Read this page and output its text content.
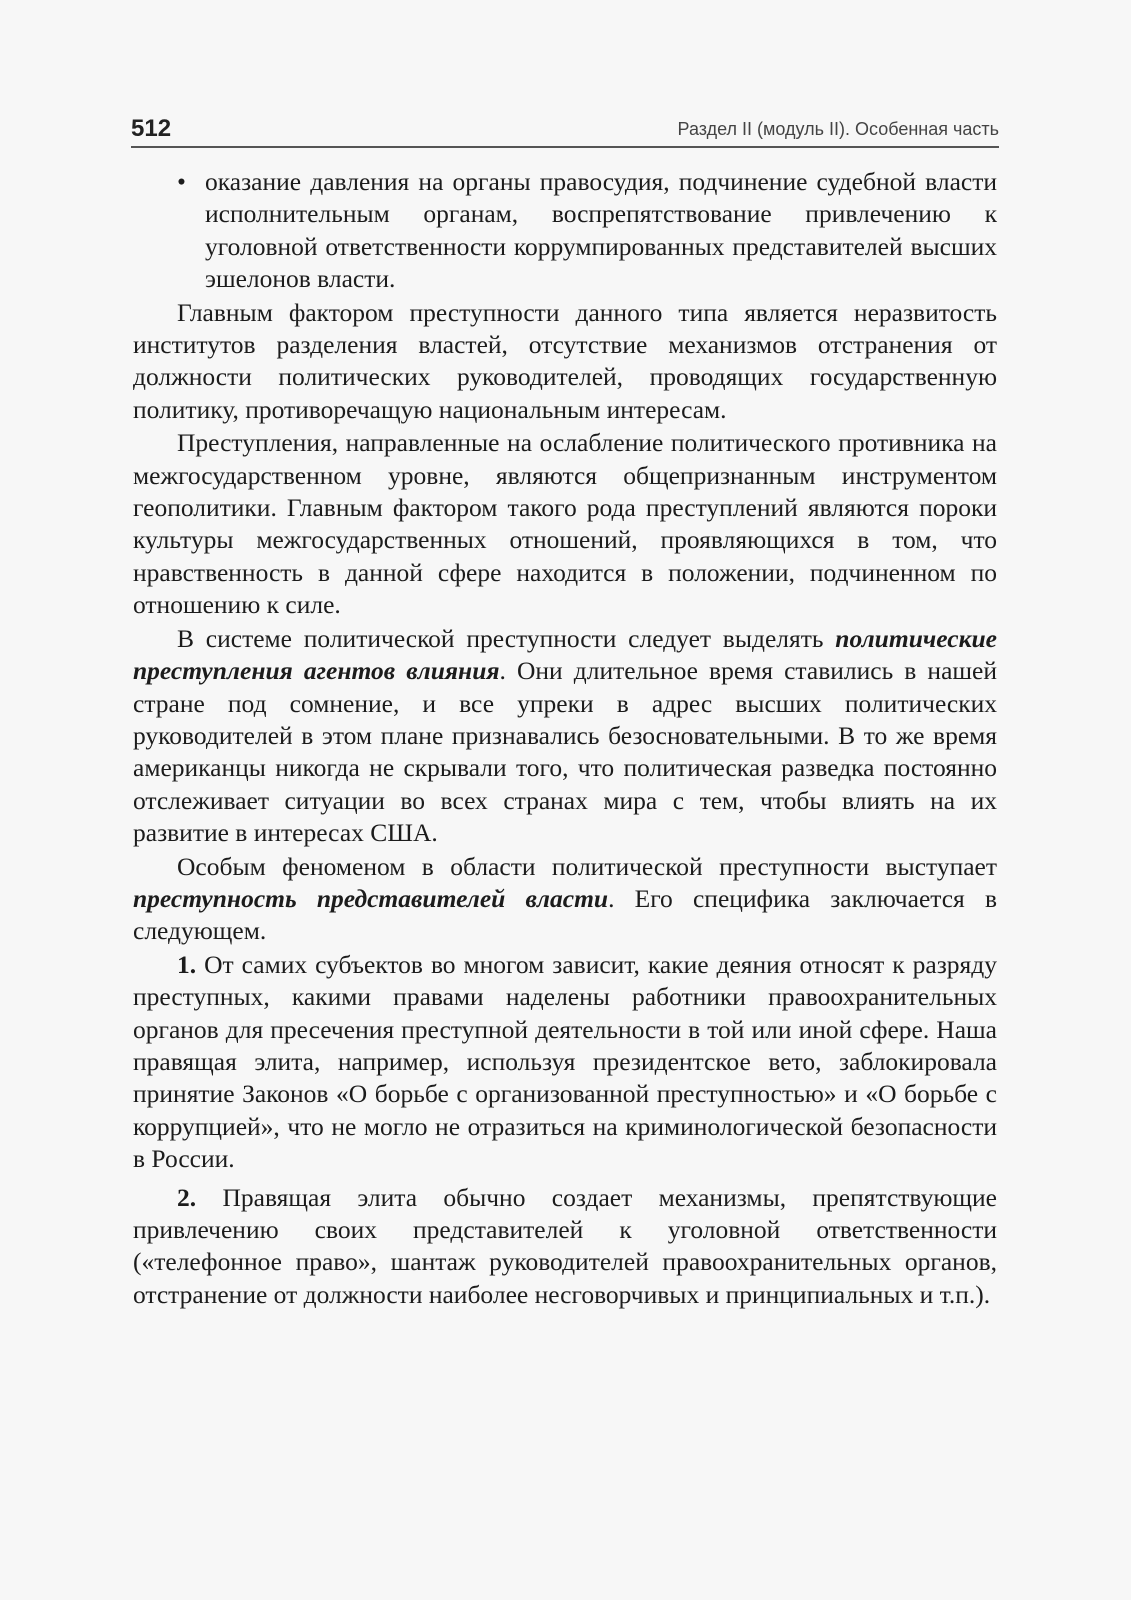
512	Раздел II (модуль II). Особенная часть

• оказание давления на органы правосудия, подчинение судебной власти исполнительным органам, воспрепятствование привлечению к уголовной ответственности коррумпированных представителей высших эшелонов власти.

Главным фактором преступности данного типа является неразвитость институтов разделения властей, отсутствие механизмов отстранения от должности политических руководителей, проводящих государственную политику, противоречащую национальным интересам.

Преступления, направленные на ослабление политического противника на межгосударственном уровне, являются общепризнанным инструментом геополитики. Главным фактором такого рода преступлений являются пороки культуры межгосударственных отношений, проявляющихся в том, что нравственность в данной сфере находится в положении, подчиненном по отношению к силе.

В системе политической преступности следует выделять политические преступления агентов влияния. Они длительное время ставились в нашей стране под сомнение, и все упреки в адрес высших политических руководителей в этом плане признавались безосновательными. В то же время американцы никогда не скрывали того, что политическая разведка постоянно отслеживает ситуации во всех странах мира с тем, чтобы влиять на их развитие в интересах США.

Особым феноменом в области политической преступности выступает преступность представителей власти. Его специфика заключается в следующем.

1. От самих субъектов во многом зависит, какие деяния относят к разряду преступных, какими правами наделены работники правоохранительных органов для пресечения преступной деятельности в той или иной сфере. Наша правящая элита, например, используя президентское вето, заблокировала принятие Законов «О борьбе с организованной преступностью» и «О борьбе с коррупцией», что не могло не отразиться на криминологической безопасности в России.

2. Правящая элита обычно создает механизмы, препятствующие привлечению своих представителей к уголовной ответственности («телефонное право», шантаж руководителей правоохранительных органов, отстранение от должности наиболее несговорчивых и принципиальных и т.п.).
